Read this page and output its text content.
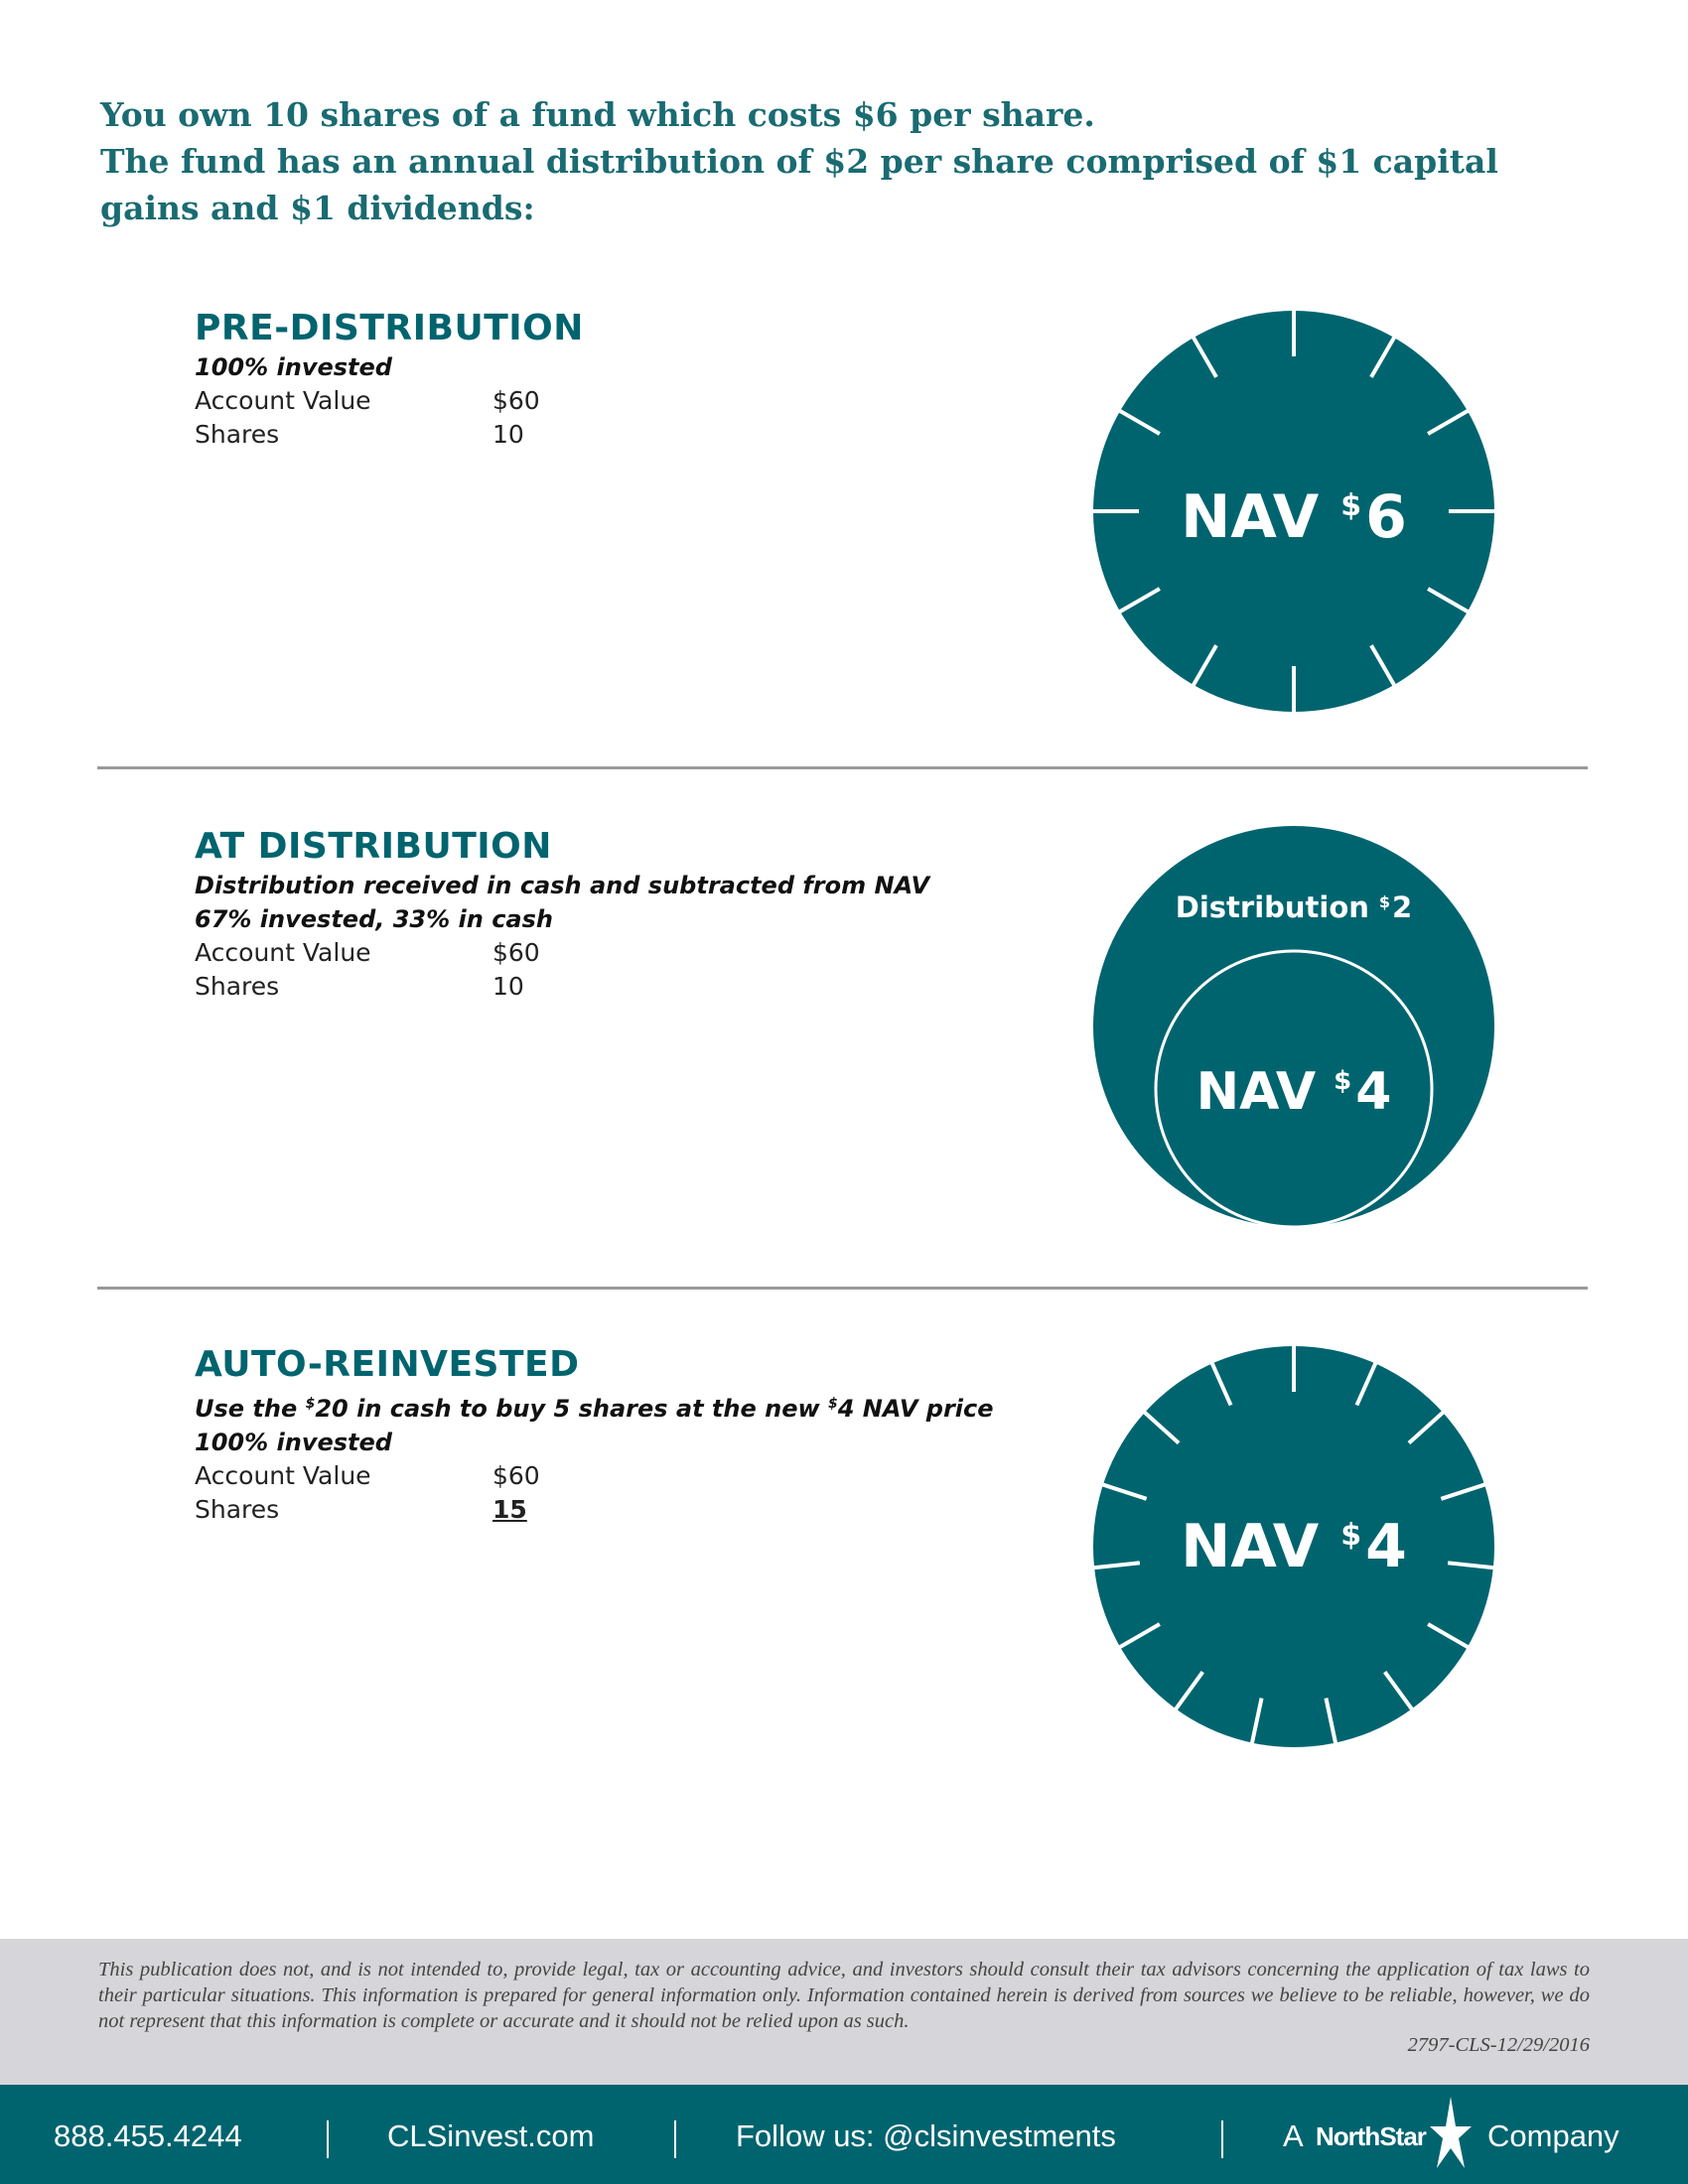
You own 10 shares of a fund which costs $6 per share.
The fund has an annual distribution of $2 per share comprised of $1 capital gains and $1 dividends:
PRE-DISTRIBUTION
100% invested
Account Value	$60
Shares	10
NAV $6
AT DISTRIBUTION
Distribution received in cash and subtracted from NAV
67% invested, 33% in cash
Account Value	$60
Shares	10
Distribution $2
NAV $4
AUTO-REINVESTED
Use the $20 in cash to buy 5 shares at the new $4 NAV price
100% invested
Account Value	$60
Shares	15
NAV $4

This publication does not, and is not intended to, provide legal, tax or accounting advice, and investors should consult their tax advisors concerning the application of tax laws to their particular situations. This information is prepared for general information only. Information contained herein is derived from sources we believe to be reliable, however, we do not represent that this information is complete or accurate and it should not be relied upon as such.

2797-CLS-12/29/2016
888.455.4244	CLSinvest.com	Follow us: @clsinvestments	A NorthStar Company
